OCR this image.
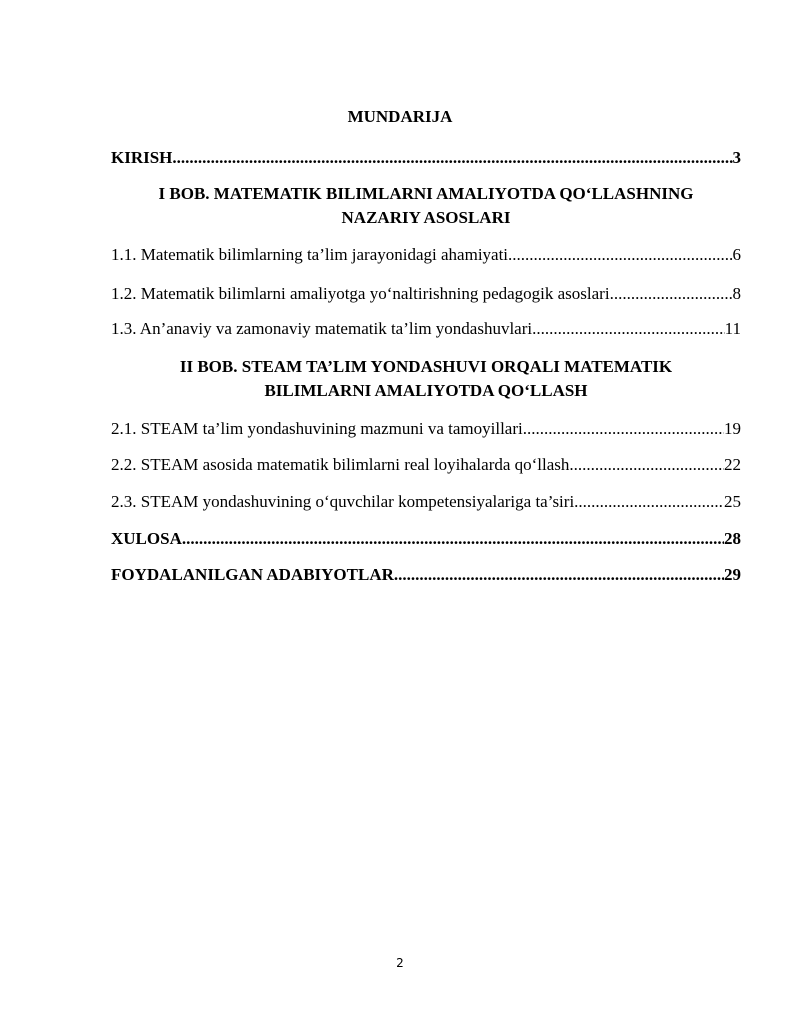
MUNDARIJA
KIRISH .....	3
I BOB. MATEMATIK BILIMLARNI AMALIYOTDA QO‘LLASHNING
NAZARIY ASOSLARI
1.1. Matematik bilimlarning ta’lim jarayonidagi ahamiyati .....	6
1.2. Matematik bilimlarni amaliyotga yo‘naltirishning pedagogik asoslari .....	8
1.3. An’anaviy va zamonaviy matematik ta’lim yondashuvlari .....	11
II BOB. STEAM TA’LIM YONDASHUVI ORQALI MATEMATIK
BILIMLARNI AMALIYOTDA QO‘LLASH
2.1. STEAM ta’lim yondashuvining mazmuni va tamoyillari .....	19
2.2. STEAM asosida matematik bilimlarni real loyihalarda qo‘llash .....	22
2.3. STEAM yondashuvining o‘quvchilar kompetensiyalariga ta’siri .....	25
XULOSA .....	28
FOYDALANILGAN ADABIYOTLAR .....	29
2
